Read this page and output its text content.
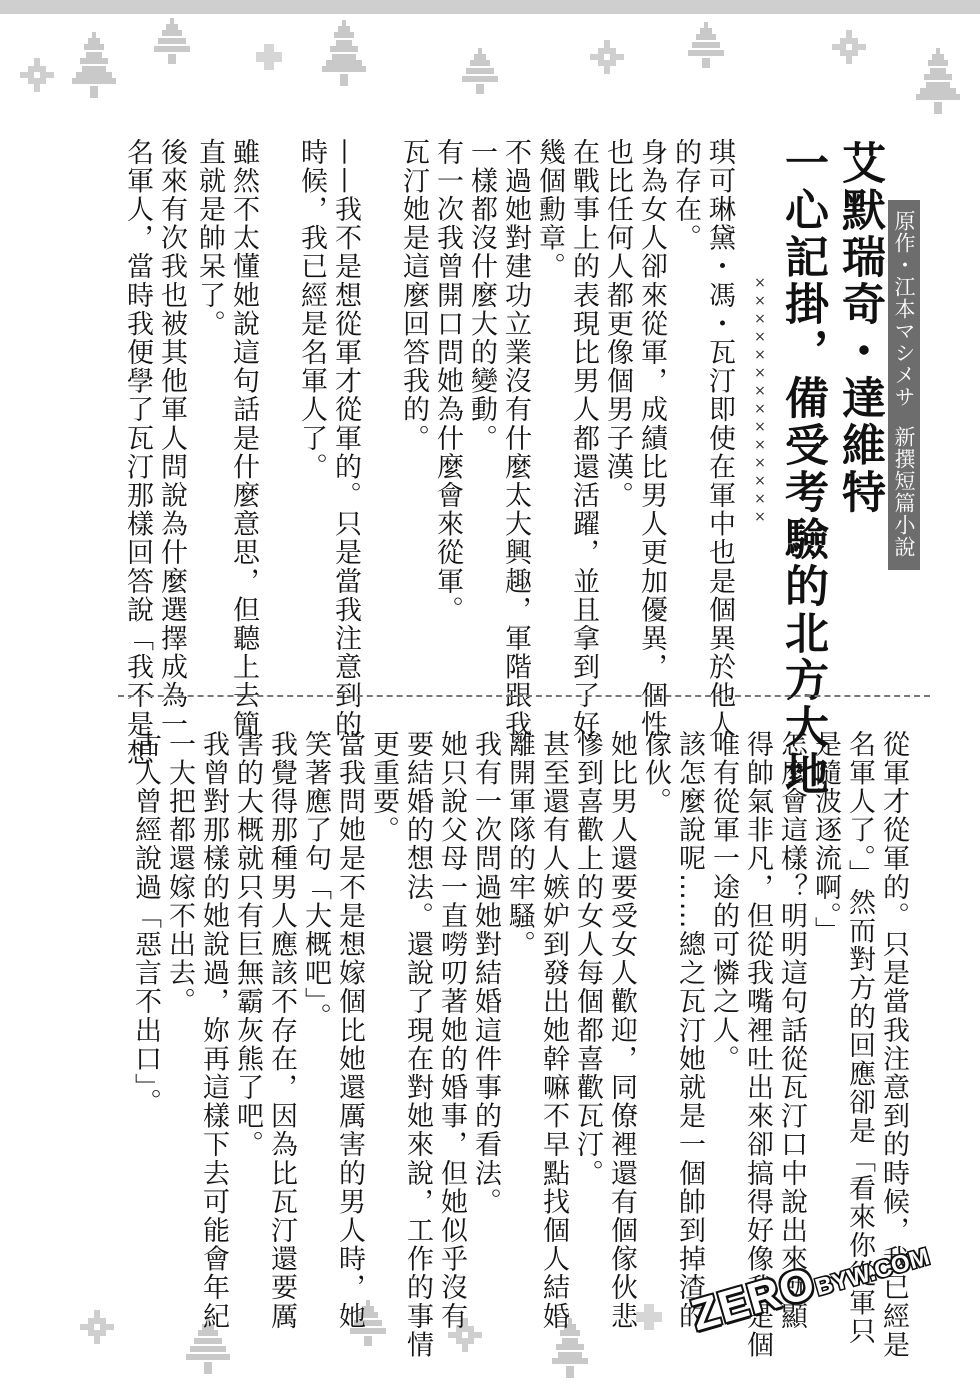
原作・江本マシメサ新撰短篇小說
艾默瑞奇・達維特
一心記掛，備受考驗的北方大地
××××××××××××××

琪可琳黛・馮・瓦汀即使在軍中也是個異於他人

的存在。

身為女人卻來從軍，成績比男人更加優異，個性

也比任何人都更像個男子漢。

在戰事上的表現比男人都還活躍，並且拿到了好

幾個勳章。

不過她對建功立業沒有什麼太大興趣，軍階跟我

一樣都沒什麼大的變動。

有一次我曾開口問她為什麼會來從軍。

瓦汀她是這麼回答我的。

——我不是想從軍才從軍的。只是當我注意到的

時候，我已經是名軍人了。

雖然不太懂她說這句話是什麼意思，但聽上去簡

直就是帥呆了。

後來有次我也被其他軍人問說為什麼選擇成為一

名軍人，當時我便學了瓦汀那樣回答說「我不是想

從軍才從軍的。只是當我注意到的時候，我已經是

名軍人了。」然而對方的回應卻是「看來你從軍只

是隨波逐流啊。」

怎麼會這樣？明明這句話從瓦汀口中說出來就顯

得帥氣非凡，但從我嘴裡吐出來卻搞得好像我是個

唯有從軍一途的可憐之人。

該怎麼說呢……總之瓦汀她就是一個帥到掉渣的

傢伙。

她比男人還要受女人歡迎，同僚裡還有個傢伙悲

慘到喜歡上的女人每個都喜歡瓦汀。

甚至還有人嫉妒到發出她幹嘛不早點找個人結婚

離開軍隊的牢騷。

我有一次問過她對結婚這件事的看法。

她只說父母一直嘮叨著她的婚事，但她似乎沒有

要結婚的想法。還說了現在對她來說，工作的事情

更重要。

當我問她是不是想嫁個比她還厲害的男人時，她

笑著應了句「大概吧」。

我覺得那種男人應該不存在，因為比瓦汀還要厲

害的大概就只有巨無霸灰熊了吧。

我曾對那樣的她說過，妳再這樣下去可能會年紀

一大把都還嫁不出去。

古人曾經說過「惡言不出口」。

ZEROBYW.COM
